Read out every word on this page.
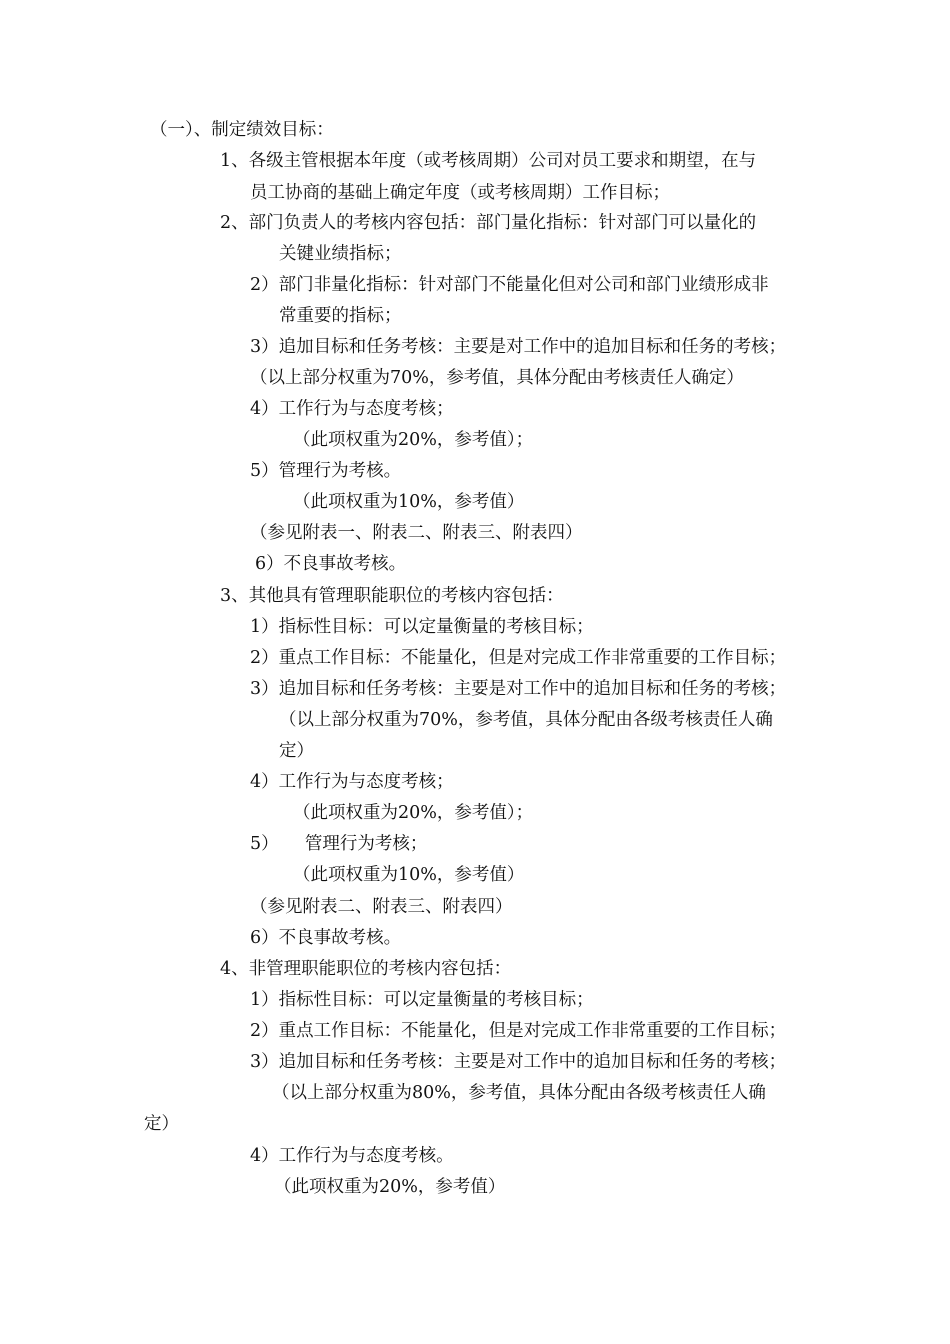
（一）、制定绩效目标：
1、各级主管根据本年度（或考核周期）公司对员工要求和期望，在与
员工协商的基础上确定年度（或考核周期）工作目标；
2、部门负责人的考核内容包括：部门量化指标：针对部门可以量化的
关键业绩指标；
2）部门非量化指标：针对部门不能量化但对公司和部门业绩形成非
常重要的指标；
3）追加目标和任务考核：主要是对工作中的追加目标和任务的考核；
（以上部分权重为70%，参考值，具体分配由考核责任人确定）
4）工作行为与态度考核；
（此项权重为20%，参考值）；
5）管理行为考核。
（此项权重为10%，参考值）
（参见附表一、附表二、附表三、附表四）
6）不良事故考核。
3、其他具有管理职能职位的考核内容包括：
1）指标性目标：可以定量衡量的考核目标；
2）重点工作目标：不能量化，但是对完成工作非常重要的工作目标；
3）追加目标和任务考核：主要是对工作中的追加目标和任务的考核；
（以上部分权重为70%，参考值，具体分配由各级考核责任人确
定）
4）工作行为与态度考核；
（此项权重为20%，参考值）；
5）　　管理行为考核；
（此项权重为10%，参考值）
（参见附表二、附表三、附表四）
6）不良事故考核。
4、非管理职能职位的考核内容包括：
1）指标性目标：可以定量衡量的考核目标；
2）重点工作目标：不能量化，但是对完成工作非常重要的工作目标；
3）追加目标和任务考核：主要是对工作中的追加目标和任务的考核；
（以上部分权重为80%，参考值，具体分配由各级考核责任人确
定）
4）工作行为与态度考核。
（此项权重为20%，参考值）
